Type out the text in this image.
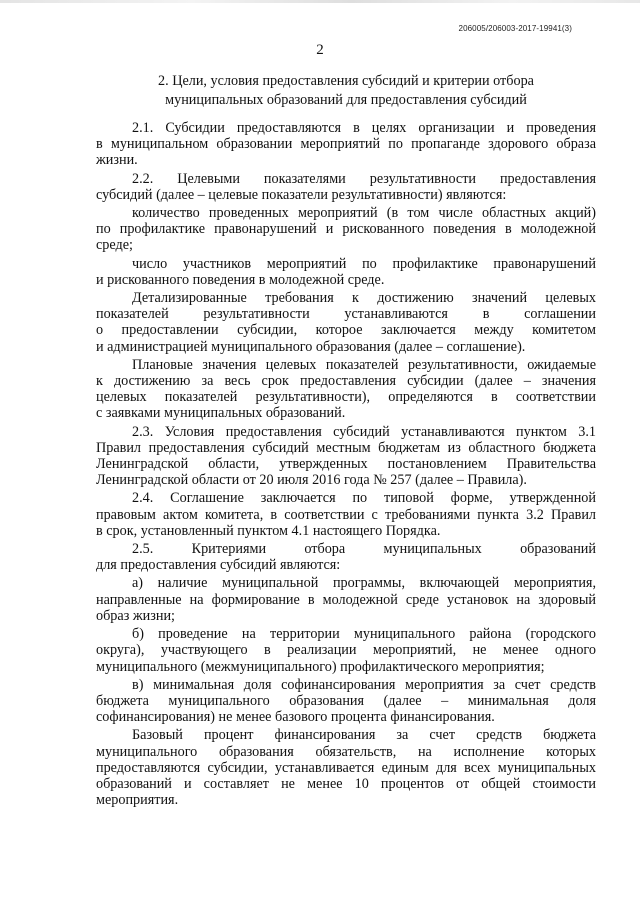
206005/206003-2017-19941(3)
2
2. Цели, условия предоставления субсидий и критерии отбора
муниципальных образований для предоставления субсидий

2.1. Субсидии предоставляются в целях организации и проведения
в муниципальном образовании мероприятий по пропаганде здорового образа
жизни.

2.2. Целевыми показателями результативности предоставления
субсидий (далее – целевые показатели результативности) являются:

количество проведенных мероприятий (в том числе областных акций)
по профилактике правонарушений и рискованного поведения в молодежной
среде;

число участников мероприятий по профилактике правонарушений
и рискованного поведения в молодежной среде.

Детализированные требования к достижению значений целевых
показателей результативности устанавливаются в соглашении
о предоставлении субсидии, которое заключается между комитетом
и администрацией муниципального образования (далее – соглашение).

Плановые значения целевых показателей результативности, ожидаемые
к достижению за весь срок предоставления субсидии (далее – значения
целевых показателей результативности), определяются в соответствии
с заявками муниципальных образований.

2.3. Условия предоставления субсидий устанавливаются пунктом 3.1
Правил предоставления субсидий местным бюджетам из областного бюджета
Ленинградской области, утвержденных постановлением Правительства
Ленинградской области от 20 июля 2016 года № 257 (далее – Правила).

2.4. Соглашение заключается по типовой форме, утвержденной
правовым актом комитета, в соответствии с требованиями пункта 3.2 Правил
в срок, установленный пунктом 4.1 настоящего Порядка.

2.5. Критериями отбора муниципальных образований
для предоставления субсидий являются:

а) наличие муниципальной программы, включающей мероприятия,
направленные на формирование в молодежной среде установок на здоровый
образ жизни;

б) проведение на территории муниципального района (городского
округа), участвующего в реализации мероприятий, не менее одного
муниципального (межмуниципального) профилактического мероприятия;

в) минимальная доля софинансирования мероприятия за счет средств
бюджета муниципального образования (далее – минимальная доля
софинансирования) не менее базового процента финансирования.

Базовый процент финансирования за счет средств бюджета
муниципального образования обязательств, на исполнение которых
предоставляются субсидии, устанавливается единым для всех муниципальных
образований и составляет не менее 10 процентов от общей стоимости
мероприятия.
